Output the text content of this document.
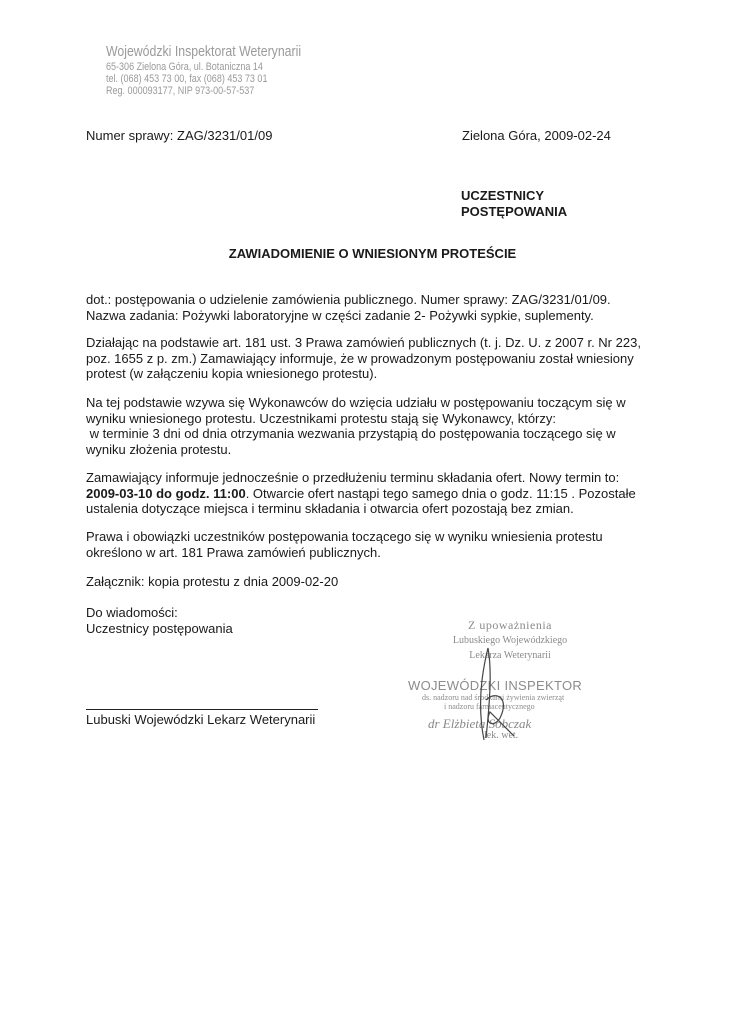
Wojewódzki Inspektorat Weterynarii
65-306 Zielona Góra, ul. Botaniczna 14
tel. (068) 453 73 00, fax (068) 453 73 01
Reg. 000093177, NIP 973-00-57-537
Numer sprawy: ZAG/3231/01/09	Zielona Góra, 2009-02-24
UCZESTNICY
POSTĘPOWANIA
ZAWIADOMIENIE O WNIESIONYM PROTEŚCIE
dot.: postępowania o udzielenie zamówienia publicznego. Numer sprawy: ZAG/3231/01/09.
Nazwa zadania: Pożywki laboratoryjne w części zadanie 2- Pożywki sypkie, suplementy.
Działając na podstawie art. 181 ust. 3 Prawa zamówień publicznych (t. j. Dz. U. z 2007 r. Nr 223,
poz. 1655 z p. zm.) Zamawiający informuje, że w prowadzonym postępowaniu został wniesiony
protest (w załączeniu kopia wniesionego protestu).
Na tej podstawie wzywa się Wykonawców do wzięcia udziału w postępowaniu toczącym się w
wyniku wniesionego protestu. Uczestnikami protestu stają się Wykonawcy, którzy:
w terminie 3 dni od dnia otrzymania wezwania przystąpią do postępowania toczącego się w
wyniku złożenia protestu.
Zamawiający informuje jednocześnie o przedłużeniu terminu składania ofert. Nowy termin to:
2009-03-10 do godz. 11:00. Otwarcie ofert nastąpi tego samego dnia o godz. 11:15 . Pozostałe
ustalenia dotyczące miejsca i terminu składania i otwarcia ofert pozostają bez zmian.
Prawa i obowiązki uczestników postępowania toczącego się w wyniku wniesienia protestu
określono w art. 181 Prawa zamówień publicznych.
Załącznik: kopia protestu z dnia 2009-02-20
Do wiadomości:
Uczestnicy postępowania
Lubuski Wojewódzki Lekarz Weterynarii
Z upoważnienia
Lubuskiego Wojewódzkiego
Lekarza Weterynarii
WOJEWÓDZKI INSPEKTOR
ds. nadzoru nad środkami żywienia zwierząt
i nadzoru farmaceutycznego
dr Elżbieta Sobczak
lek. wet.
